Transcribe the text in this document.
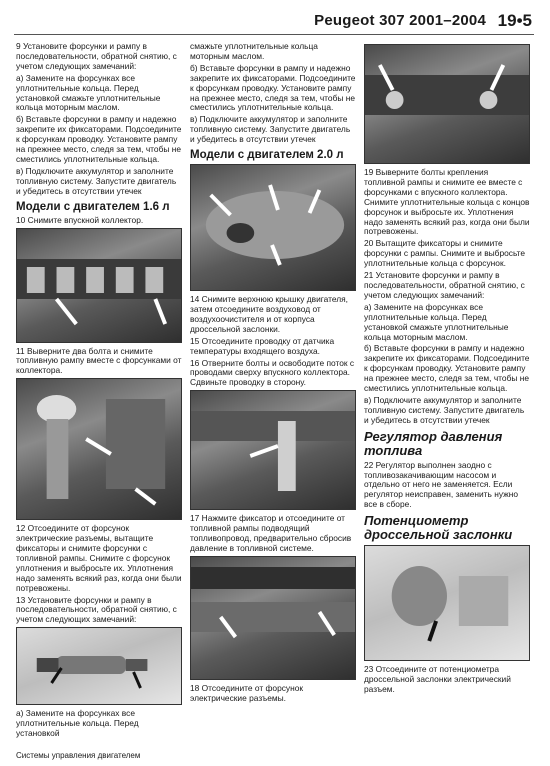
Peugeot 307 2001–2004 19•5

9 Установите форсунки и рампу в последовательности, обратной снятию, с учетом следующих замечаний:

а) Замените на форсунках все уплотнительные кольца. Перед установкой смажьте уплотнительные кольца моторным маслом.

б) Вставьте форсунки в рампу и надежно закрепите их фиксаторами. Подсоедините к форсункам проводку. Установите рампу на прежнее место, следя за тем, чтобы не сместились уплотнительные кольца.

в) Подключите аккумулятор и заполните топливную систему. Запустите двигатель и убедитесь в отсутствии утечек

Модели с двигателем 1.6 л

10 Снимите впускной коллектор.

11 Выверните два болта и снимите топливную рампу вместе с форсунками от коллектора.

12 Отсоедините от форсунок электрические разъемы, вытащите фиксаторы и снимите форсунки с топливной рампы. Снимите с форсунок уплотнения и выбросьте их. Уплотнения надо заменять всякий раз, когда они были потревожены.

13 Установите форсунки и рампу в последовательности, обратной снятию, с учетом следующих замечаний:

а) Замените на форсунках все уплотнительные кольца. Перед установкой

смажьте уплотнительные кольца моторным маслом.

б) Вставьте форсунки в рампу и надежно закрепите их фиксаторами. Подсоедините к форсункам проводку. Установите рампу на прежнее место, следя за тем, чтобы не сместились уплотнительные кольца.

в) Подключите аккумулятор и заполните топливную систему. Запустите двигатель и убедитесь в отсутствии утечек

Модели с двигателем 2.0 л

14 Снимите верхнюю крышку двигателя, затем отсоедините воздуховод от воздухоочистителя и от корпуса дроссельной заслонки.

15 Отсоедините проводку от датчика температуры входящего воздуха.

16 Отверните болты и освободите поток с проводами сверху впускного коллектора. Сдвиньте проводку в сторону.

17 Нажмите фиксатор и отсоедините от топливной рампы подводящий топливопровод, предварительно сбросив давление в топливной системе.

18 Отсоедините от форсунок электрические разъемы.

19 Выверните болты крепления топливной рампы и снимите ее вместе с форсунками с впускного коллектора.
Снимите уплотнительные кольца с концов форсунок и выбросьте их. Уплотнения надо заменять всякий раз, когда они были потревожены.

20 Вытащите фиксаторы и снимите форсунки с рампы. Снимите и выбросьте уплотнительные кольца с форсунок.

21 Установите форсунки и рампу в последовательности, обратной снятию, с учетом следующих замечаний:

а) Замените на форсунках все уплотнительные кольца. Перед установкой смажьте уплотнительные кольца моторным маслом.

б) Вставьте форсунки в рампу и надежно закрепите их фиксаторами. Подсоедините к форсункам проводку. Установите рампу на прежнее место, следя за тем, чтобы не сместились уплотнительные кольца.

в) Подключите аккумулятор и заполните топливную систему. Запустите двигатель и убедитесь в отсутствии утечек

Регулятор давления топлива

22 Регулятор выполнен заодно с топливозакачивающим насосом и отдельно от него не заменяется. Если регулятор неисправен, заменить нужно все в сборе.

Потенциометр дроссельной заслонки

23 Отсоедините от потенциометра дроссельной заслонки электрический разъем.

Системы управления двигателем
